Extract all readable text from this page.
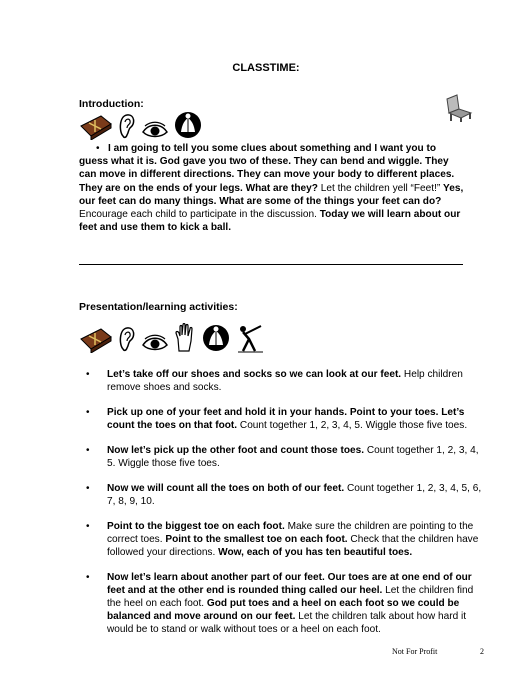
CLASSTIME:
Introduction:
• I am going to tell you some clues about something and I want you to guess what it is. God gave you two of these. They can bend and wiggle. They can move in different directions. They can move your body to different places. They are on the ends of your legs. What are they? Let the children yell “Feet!” Yes, our feet can do many things. What are some of the things your feet can do? Encourage each child to participate in the discussion. Today we will learn about our feet and use them to kick a ball.
Presentation/learning activities:
• Let’s take off our shoes and socks so we can look at our feet. Help children remove shoes and socks.
• Pick up one of your feet and hold it in your hands. Point to your toes. Let’s count the toes on that foot. Count together 1, 2, 3, 4, 5. Wiggle those five toes.
• Now let’s pick up the other foot and count those toes. Count together 1, 2, 3, 4, 5. Wiggle those five toes.
• Now we will count all the toes on both of our feet. Count together 1, 2, 3, 4, 5, 6, 7, 8, 9, 10.
• Point to the biggest toe on each foot. Make sure the children are pointing to the correct toes. Point to the smallest toe on each foot. Check that the children have followed your directions. Wow, each of you has ten beautiful toes.
• Now let’s learn about another part of our feet. Our toes are at one end of our feet and at the other end is rounded thing called our heel. Let the children find the heel on each foot. God put toes and a heel on each foot so we could be balanced and move around on our feet. Let the children talk about how hard it would be to stand or walk without toes or a heel on each foot.
Not For Profit	2
